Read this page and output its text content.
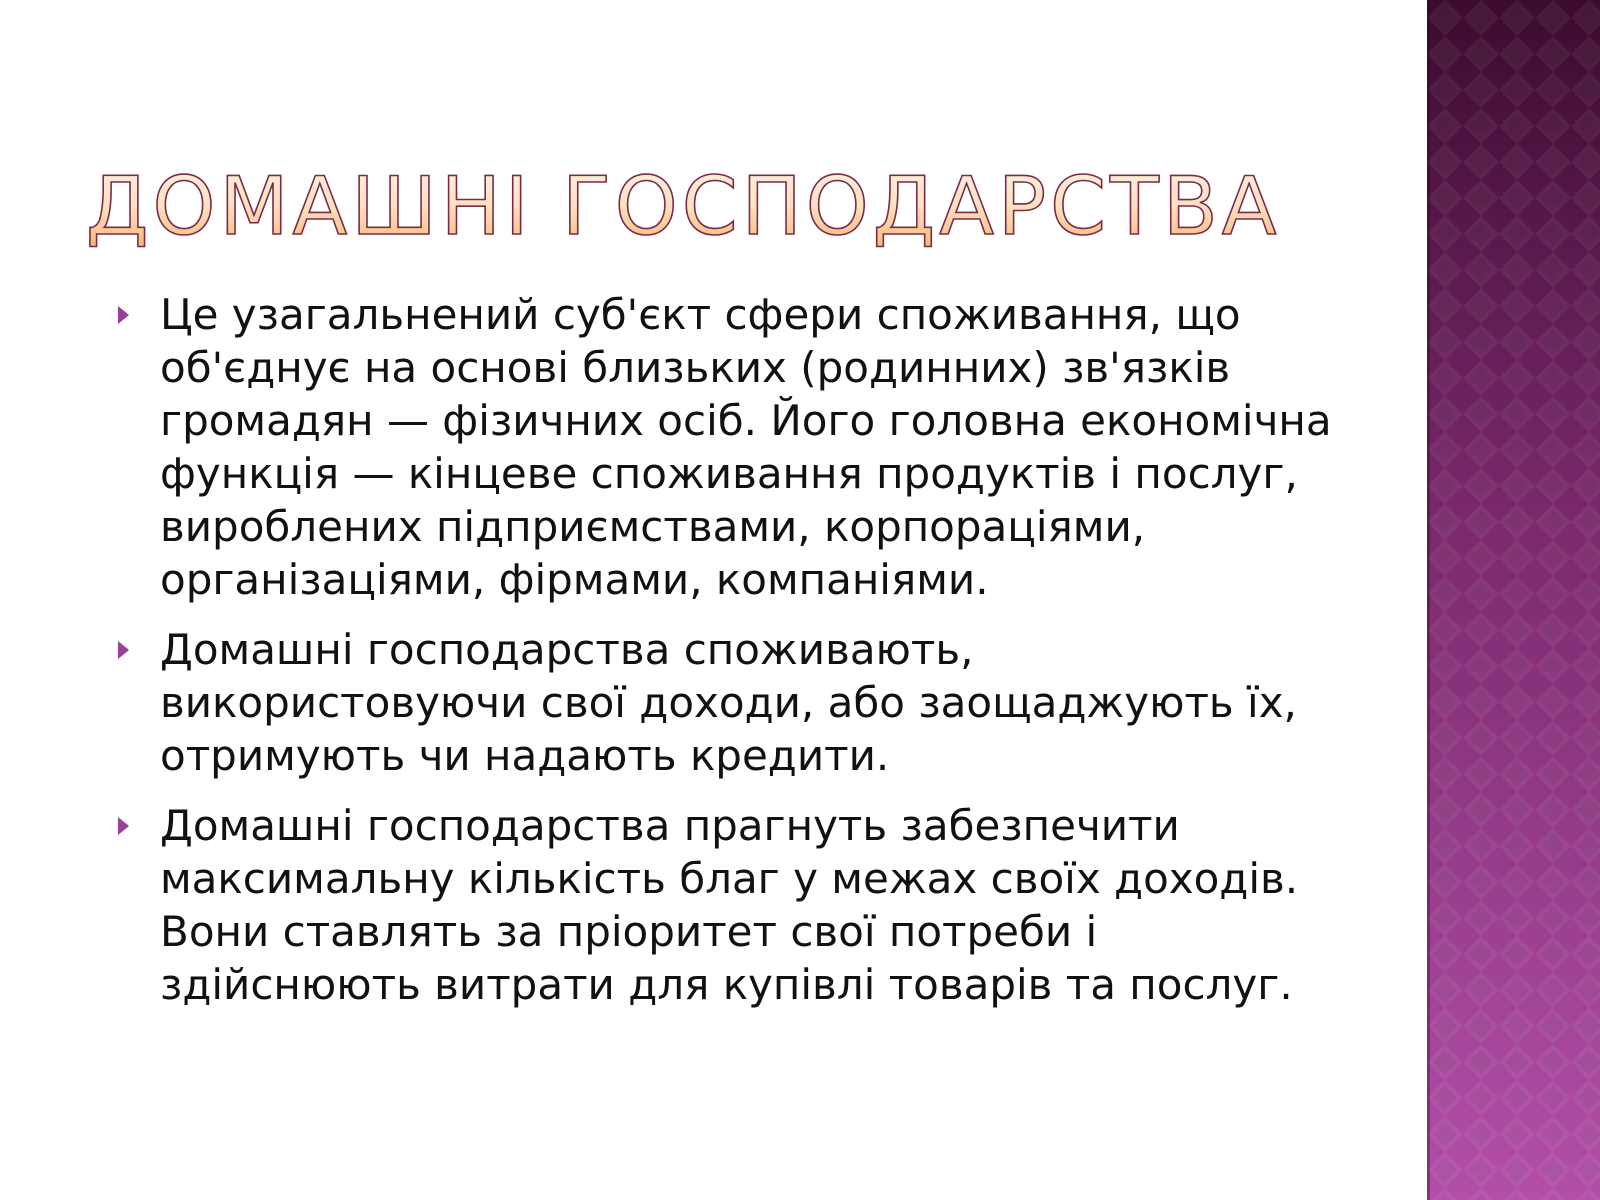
ДОМАШНІ ГОСПОДАРСТВА
Це узагальнений суб'єкт сфери споживання, що об'єднує на основі близьких (родинних) зв'язків громадян — фізичних осіб. Його головна економічна функція — кінцеве споживання продуктів і послуг, вироблених підприємствами, корпораціями, організаціями, фірмами, компаніями.
Домашні господарства споживають, використовуючи свої доходи, або заощаджують їх, отримують чи надають кредити.
Домашні господарства прагнуть забезпечити максимальну кількість благ у межах своїх доходів. Вони ставлять за пріоритет свої потреби і здійснюють витрати для купівлі товарів та послуг.
